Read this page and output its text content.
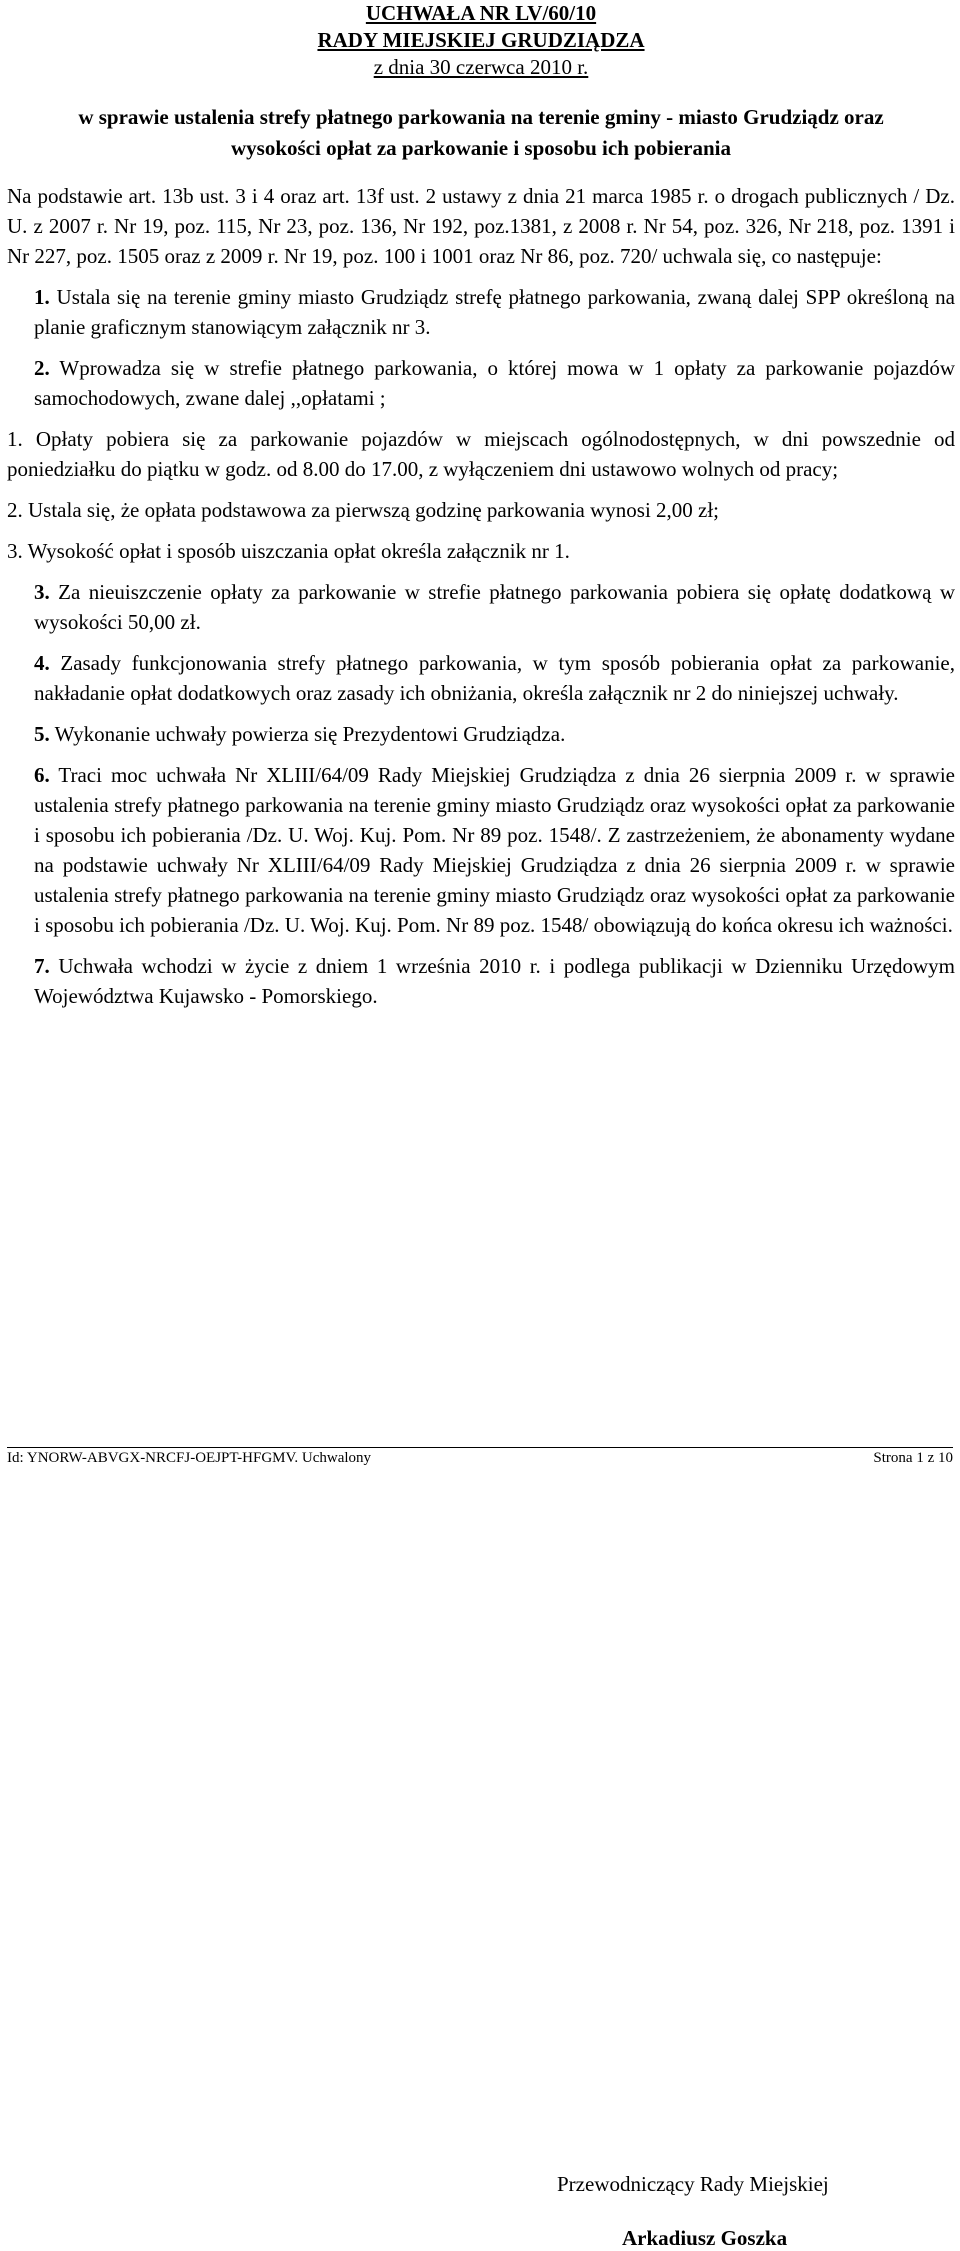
UCHWAŁA NR LV/60/10
RADY MIEJSKIEJ GRUDZIĄDZA
z dnia 30 czerwca 2010 r.
w sprawie ustalenia strefy płatnego parkowania na terenie gminy - miasto Grudziądz oraz
wysokości opłat za parkowanie i sposobu ich pobierania

Na podstawie art. 13b ust. 3 i 4 oraz art. 13f ust. 2 ustawy z dnia 21 marca 1985 r. o drogach publicznych / Dz. U. z 2007 r. Nr 19, poz. 115, Nr 23, poz. 136, Nr 192, poz.1381, z 2008 r. Nr 54, poz. 326, Nr 218, poz. 1391 i Nr 227, poz. 1505 oraz z 2009 r. Nr 19, poz. 100 i 1001 oraz Nr 86, poz. 720/ uchwala się, co następuje:

1. Ustala się na terenie gminy miasto Grudziądz strefę płatnego parkowania, zwaną dalej SPP określoną na planie graficznym stanowiącym załącznik nr 3.

2. Wprowadza się w strefie płatnego parkowania, o której mowa w 1 opłaty za parkowanie pojazdów samochodowych, zwane dalej ,,opłatami ;

1. Opłaty pobiera się za parkowanie pojazdów w miejscach ogólnodostępnych, w dni powszednie od poniedziałku do piątku w godz. od 8.00 do 17.00, z wyłączeniem dni ustawowo wolnych od pracy;

2. Ustala się, że opłata podstawowa za pierwszą godzinę parkowania wynosi 2,00 zł;

3. Wysokość opłat i sposób uiszczania opłat określa załącznik nr 1.

3. Za nieuiszczenie opłaty za parkowanie w strefie płatnego parkowania pobiera się opłatę dodatkową w wysokości 50,00 zł.

4. Zasady funkcjonowania strefy płatnego parkowania, w tym sposób pobierania opłat za parkowanie, nakładanie opłat dodatkowych oraz zasady ich obniżania, określa załącznik nr 2 do niniejszej uchwały.

5. Wykonanie uchwały powierza się Prezydentowi Grudziądza.

6. Traci moc uchwała Nr XLIII/64/09 Rady Miejskiej Grudziądza z dnia 26 sierpnia 2009 r. w sprawie ustalenia strefy płatnego parkowania na terenie gminy miasto Grudziądz oraz wysokości opłat za parkowanie i sposobu ich pobierania /Dz. U. Woj. Kuj. Pom. Nr 89 poz. 1548/. Z zastrzeżeniem, że abonamenty wydane na podstawie uchwały Nr XLIII/64/09 Rady Miejskiej Grudziądza z dnia 26 sierpnia 2009 r. w sprawie ustalenia strefy płatnego parkowania na terenie gminy miasto Grudziądz oraz wysokości opłat za parkowanie i sposobu ich pobierania /Dz. U. Woj. Kuj. Pom. Nr 89 poz. 1548/ obowiązują do końca okresu ich ważności.

7. Uchwała wchodzi w życie z dniem 1 września 2010 r. i podlega publikacji w Dzienniku Urzędowym Województwa Kujawsko - Pomorskiego.

Przewodniczący Rady Miejskiej
Arkadiusz Goszka
Id: YNORW-ABVGX-NRCFJ-OEJPT-HFGMV. Uchwalony	Strona 1 z 10
